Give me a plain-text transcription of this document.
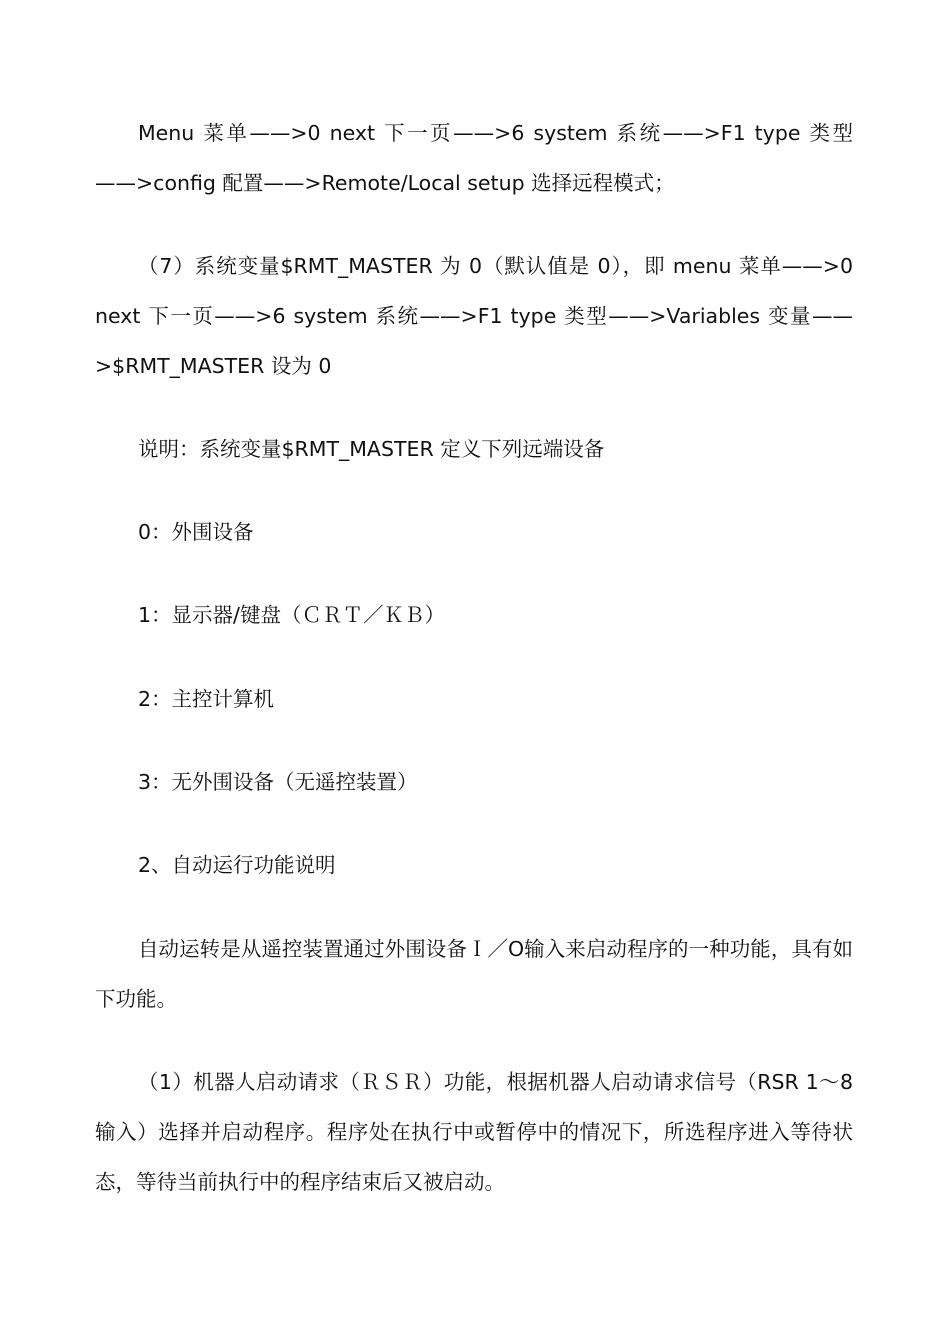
Menu 菜单——>0 next 下一页——>6 system 系统——>F1 type 类型——>config 配置——>Remote/Local setup 选择远程模式；

（7）系统变量$RMT_MASTER 为 0（默认值是 0），即 menu 菜单——>0 next 下一页——>6 system 系统——>F1 type 类型——>Variables 变量——>$RMT_MASTER 设为 0

说明：系统变量$RMT_MASTER 定义下列远端设备

0：外围设备

1：显示器/键盘（ＣＲＴ／ＫＢ）

2：主控计算机

3：无外围设备（无遥控装置）

2、自动运行功能说明

自动运转是从遥控装置通过外围设备Ｉ／O输入来启动程序的一种功能，具有如下功能。

（1）机器人启动请求（ＲＳＲ）功能，根据机器人启动请求信号（RSR 1～8 输入）选择并启动程序。程序处在执行中或暂停中的情况下，所选程序进入等待状态，等待当前执行中的程序结束后又被启动。
